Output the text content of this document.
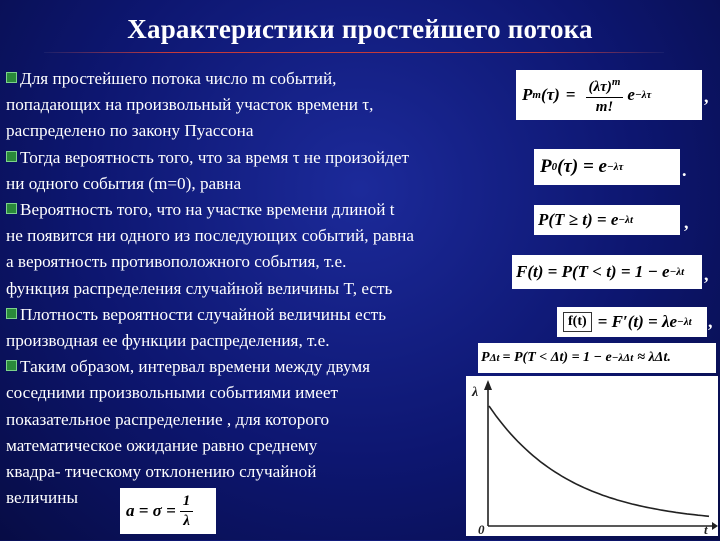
Характеристики простейшего потока
Для простейшего потока число m событий,
попадающих на произвольный участок времени τ,
распределено по закону Пуассона
Тогда вероятность того, что за время τ не произойдет
ни одного события (m=0), равна
Вероятность того, что на участке времени длиной t
не появится ни одного из последующих событий, равна
а вероятность противоположного события, т.е.
функция распределения случайной величины T, есть
Плотность вероятности случайной величины есть
производная ее функции распределения, т.е.
Таким образом, интервал времени между двумя
соседними произвольными событиями имеет
показательное распределение , для которого
математическое ожидание равно среднему
квадра- тическому отклонению случайной
величины
P m $(\tau) = \frac{(\lambda\tau)^m}{m!}$ e −λτ	,
P 0 (τ) = e −λτ	.
P(T ≥ t) = e −λt	,
F(t) = P(T < t) = 1 − e −λt ,
f(t) = F′(t) = λe −λt ,
P Δt = P(T < Δt) = 1 − e −λΔt ≈ λΔt .
$a = \sigma = \frac{1}{\lambda}$
λ
0	t
